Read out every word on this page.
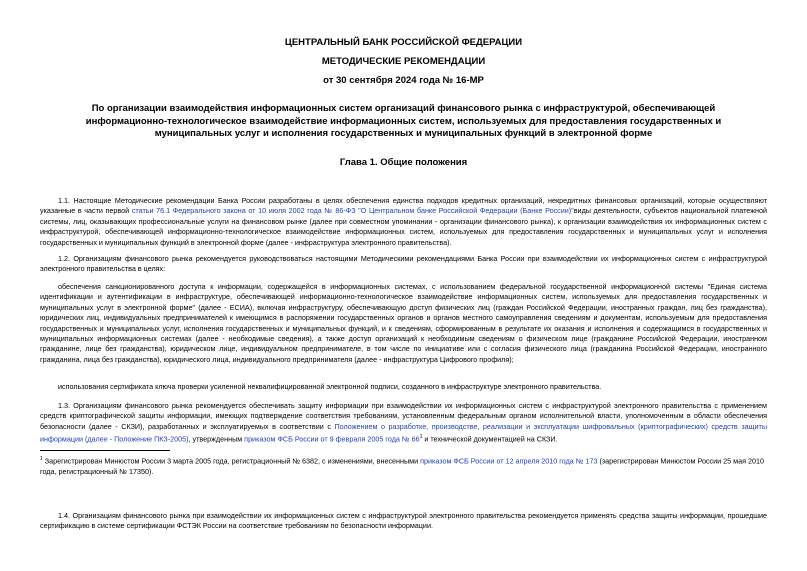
ЦЕНТРАЛЬНЫЙ БАНК РОССИЙСКОЙ ФЕДЕРАЦИИ
МЕТОДИЧЕСКИЕ РЕКОМЕНДАЦИИ
от 30 сентября 2024 года № 16-МР
По организации взаимодействия информационных систем организаций финансового рынка с инфраструктурой, обеспечивающей информационно-технологическое взаимодействие информационных систем, используемых для предоставления государственных и муниципальных услуг и исполнения государственных и муниципальных функций в электронной форме
Глава 1. Общие положения
1.1. Настоящие Методические рекомендации Банка России разработаны в целях обеспечения единства подходов кредитных организаций, некредитных финансовых организаций, которые осуществляют указанные в части первой статьи 76.1 Федерального закона от 10 июля 2002 года № 86-ФЗ "О Центральном банке Российской Федерации (Банке России)"виды деятельности, субъектов национальной платежной системы, лиц, оказывающих профессиональные услуги на финансовом рынке (далее при совместном упоминании - организации финансового рынка), к организации взаимодействия их информационных систем с инфраструктурой, обеспечивающей информационно-технологическое взаимодействие информационных систем, используемых для предоставления государственных и муниципальных услуг и исполнения государственных и муниципальных функций в электронной форме (далее - инфраструктура электронного правительства).
1.2. Организациям финансового рынка рекомендуется руководствоваться настоящими Методическими рекомендациями Банка России при взаимодействии их информационных систем с инфраструктурой электронного правительства в целях:
обеспечения санкционированного доступа к информации, содержащейся в информационных системах, с использованием федеральной государственной информационной системы "Единая система идентификации и аутентификации в инфраструктуре, обеспечивающей информационно-технологическое взаимодействие информационных систем, используемых для предоставления государственных и муниципальных услуг в электронной форме" (далее - ЕСИА), включая инфраструктуру, обеспечивающую доступ физических лиц (граждан Российской Федерации, иностранных граждан, лиц без гражданства), юридических лиц, индивидуальных предпринимателей к имеющимся в распоряжении государственных органов и органов местного самоуправления сведениям и документам, используемым для предоставления государственных и муниципальных услуг, исполнения государственных и муниципальных функций, и к сведениям, сформированным в результате их оказания и исполнения и содержащимся в государственных и муниципальных информационных системах (далее - необходимые сведения), а также доступ организаций к необходимым сведениям о физическом лице (гражданине Российской Федерации, иностранном гражданине, лице без гражданства), юридическом лице, индивидуальном предпринимателе, в том числе по инициативе или с согласия физического лица (гражданина Российской Федерации, иностранного гражданина, лица без гражданства), юридического лица, индивидуального предпринимателя (далее - инфраструктура Цифрового профиля);
использования сертификата ключа проверки усиленной неквалифицированной электронной подписи, созданного в инфраструктуре электронного правительства.
1.3. Организациям финансового рынка рекомендуется обеспечивать защиту информации при взаимодействии их информационных систем с инфраструктурой электронного правительства с применением средств криптографической защиты информации, имеющих подтверждение соответствия требованиям, установленным федеральным органом исполнительной власти, уполномоченным в области обеспечения безопасности (далее - СКЗИ), разработанных и эксплуатируемых в соответствии с Положением о разработке, производстве, реализации и эксплуатации шифровальных (криптографических) средств защиты информации (далее - Положение ПКЗ-2005), утвержденным приказом ФСБ России от 9 февраля 2005 года № $66^1$ и технической документацией на СКЗИ.
$^1$ Зарегистрирован Минюстом России 3 марта 2005 года, регистрационный № 6382, с изменениями, внесенными приказом ФСБ России от 12 апреля 2010 года № 173 (зарегистрирован Минюстом России 25 мая 2010 года, регистрационный № 17350).
1.4. Организациям финансового рынка при взаимодействии их информационных систем с инфраструктурой электронного правительства рекомендуется применять средства защиты информации, прошедшие сертификацию в системе сертификации ФСТЭК России на соответствие требованиям по безопасности информации.
